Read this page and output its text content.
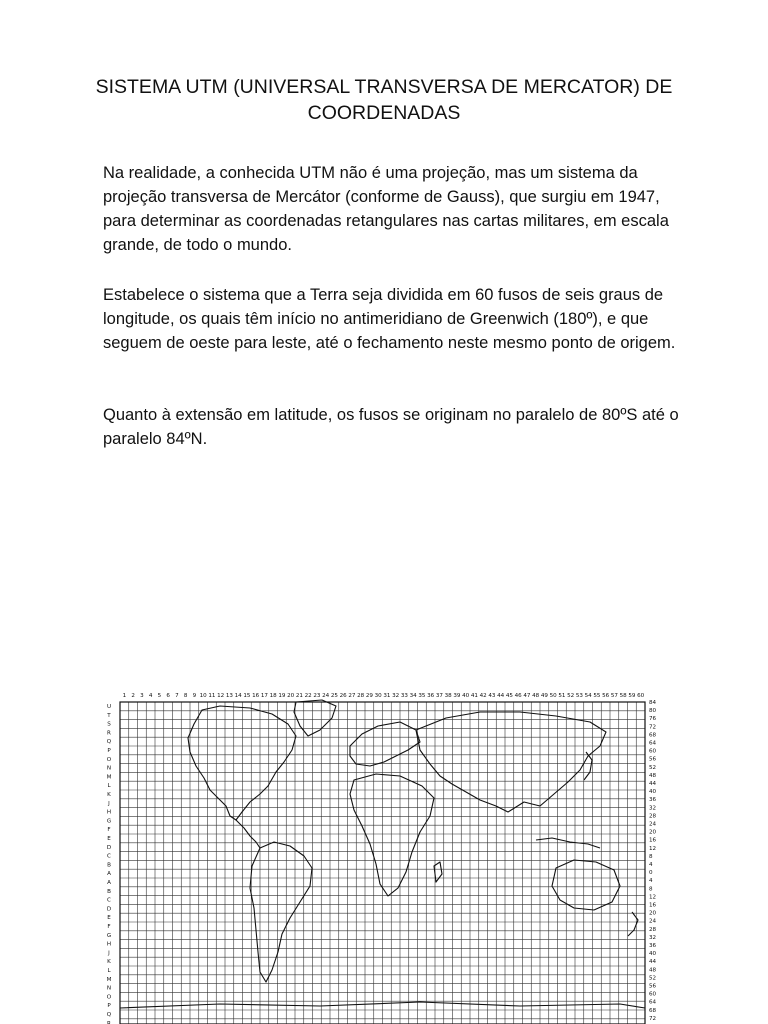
SISTEMA UTM (UNIVERSAL TRANSVERSA DE MERCATOR) DE COORDENADAS

Na realidade, a conhecida UTM não é uma projeção, mas um sistema da projeção transversa de Mercátor (conforme de Gauss), que surgiu em 1947, para determinar as coordenadas retangulares nas cartas militares, em escala grande, de todo o mundo.

Estabelece o sistema que a Terra seja dividida em 60 fusos de seis graus de longitude, os quais têm início no antimeridiano de Greenwich (180º), e que seguem de oeste para leste, até o fechamento neste mesmo ponto de origem.

Quanto à extensão em latitude, os fusos se originam no paralelo de 80ºS até o paralelo 84ºN.

1 2 3 4 5 6 7 8 9 10 11 12 13 14 15 16 17 18 19 20 21 22 23 24 25 26 27 28 29 30 31 32 33 34 35 36 37 38 39 40 41 42 43 44 45 46 47 48 49 50 51 52 53 54 55 56 57 58 59 60
U
T
S
R
Q
P
O
N
M
L
K
J
H
G
F
E
D
C
B
A
A
B
C
D
E
F
G
H
J
K
L
M
N
O
P
Q
R
84
80
76
72
68
64
60
56
52
48
44
40
36
32
28
24
20
16
12
8
4
0
4
8
12
16
20
24
28
32
36
40
44
48
52
56
60
64
68
72
